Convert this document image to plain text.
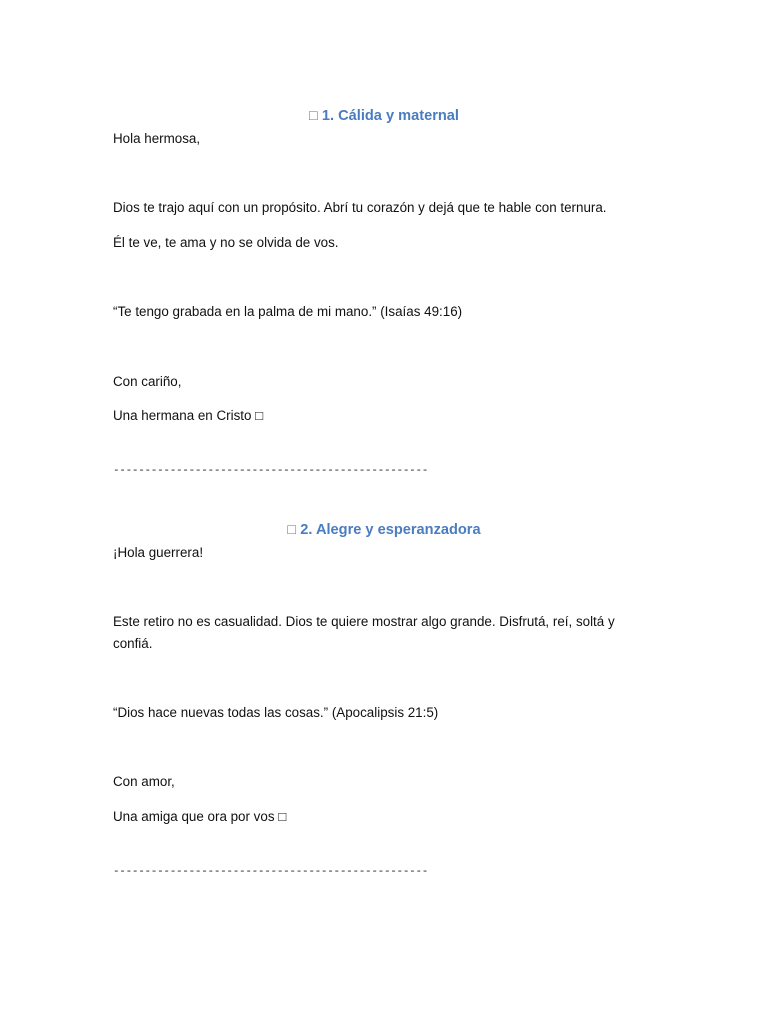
□ 1. Cálida y maternal

Hola hermosa,

Dios te trajo aquí con un propósito. Abrí tu corazón y dejá que te hable con ternura.

Él te ve, te ama y no se olvida de vos.

“Te tengo grabada en la palma de mi mano.” (Isaías 49:16)

Con cariño,

Una hermana en Cristo □

--------------------------------------------------

□ 2. Alegre y esperanzadora

¡Hola guerrera!

Este retiro no es casualidad. Dios te quiere mostrar algo grande. Disfrutá, reí, soltá y confiá.

“Dios hace nuevas todas las cosas.” (Apocalipsis 21:5)

Con amor,

Una amiga que ora por vos □

--------------------------------------------------
